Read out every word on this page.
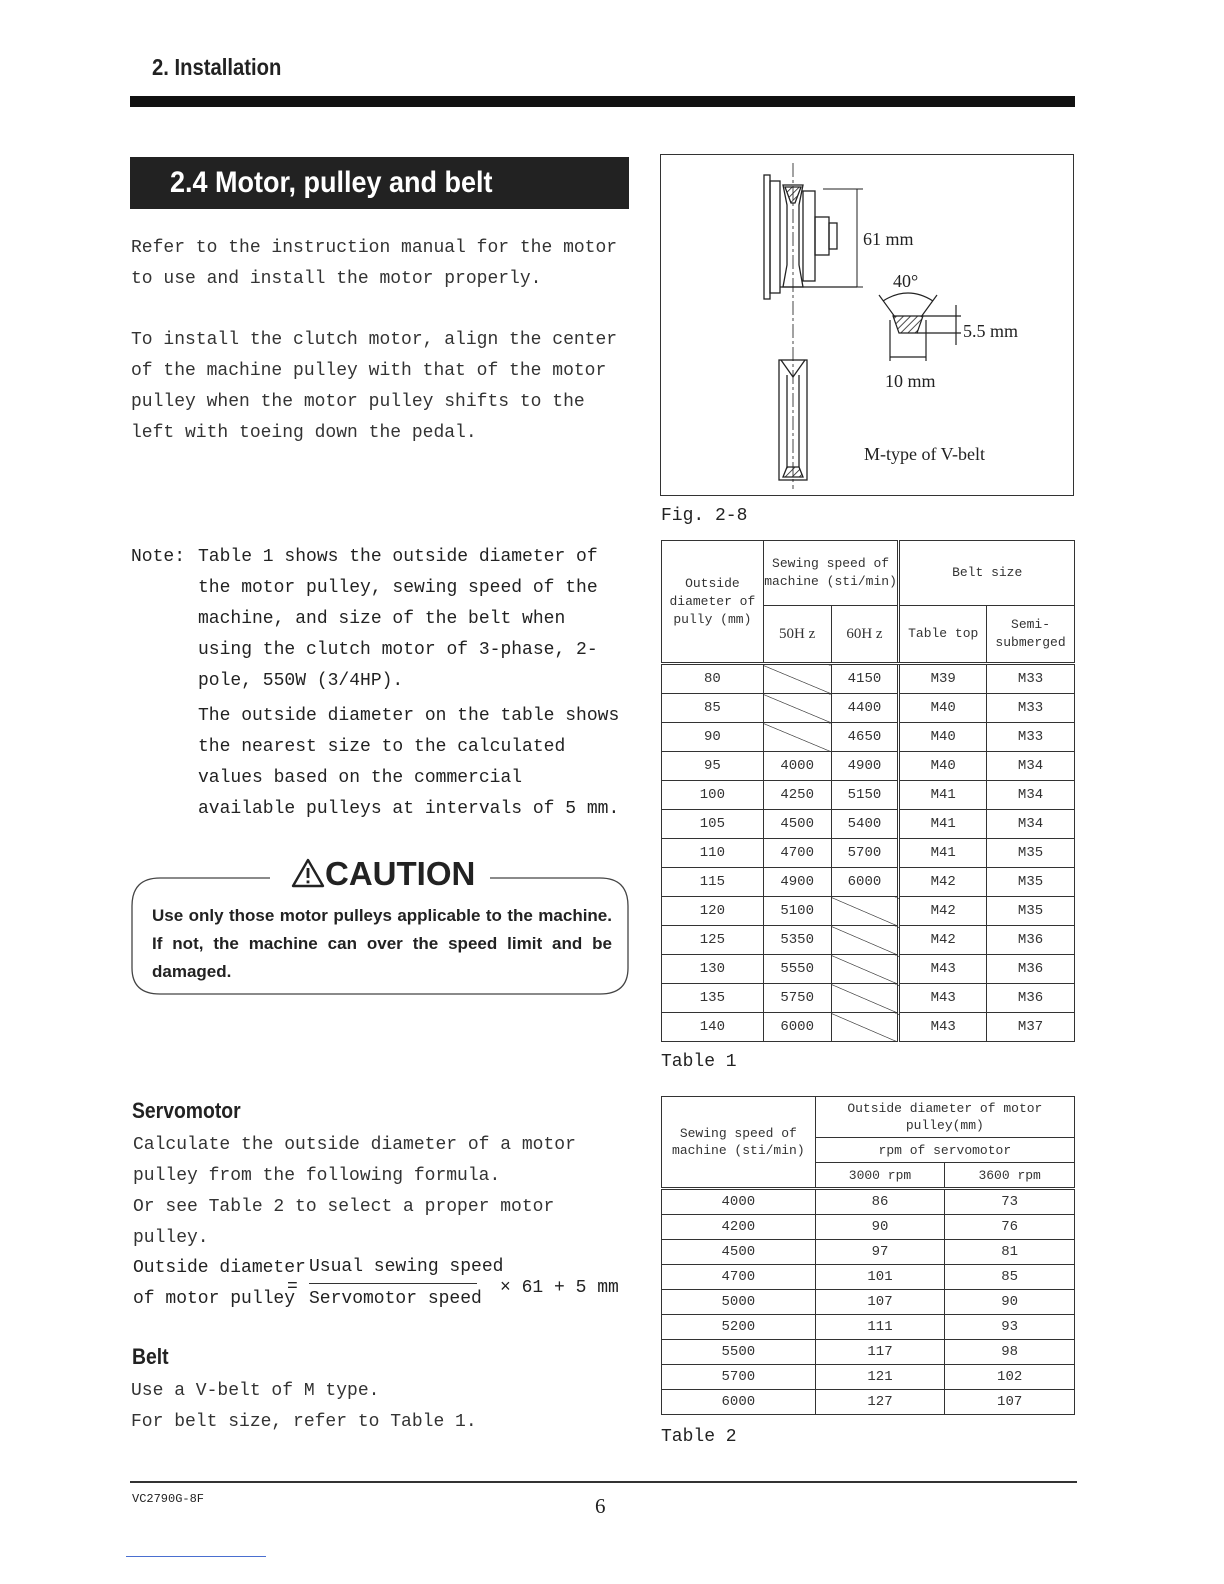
2. Installation
2.4 Motor, pulley and belt
Refer to the instruction manual for the motor to use and install the motor properly.
To install the clutch motor, align the center of the machine pulley with that of the motor pulley when the motor pulley shifts to the left with toeing down the pedal.
Note: Table 1 shows the outside diameter of the motor pulley, sewing speed of the machine, and size of the belt when using the clutch motor of 3-phase, 2-pole, 550W (3/4HP).

The outside diameter on the table shows the nearest size to the calculated values based on the commercial available pulleys at intervals of 5 mm.

CAUTION
Use only those motor pulleys applicable to the machine. If not, the machine can over the speed limit and be damaged.
Servomotor
Calculate the outside diameter of a motor pulley from the following formula.
Or see Table 2 to select a proper motor pulley.
Outside diameter
of motor pulley
=
Usual sewing speed
Servomotor speed
× 61 + 5 mm
Belt
Use a V-belt of M type.
For belt size, refer to Table 1.
61 mm
40°
5.5 mm
10 mm
M-type of V-belt
Fig. 2-8
Outside diameter of pully (mm)	Sewing speed of machine (sti/min)		Belt size	
	50H z	60H z	Table top	Semi- submerged
80		4150	M39	M33
85		4400	M40	M33
90		4650	M40	M33
95	4000	4900	M40	M34
100	4250	5150	M41	M34
105	4500	5400	M41	M34
110	4700	5700	M41	M35
115	4900	6000	M42	M35
120	5100		M42	M35
125	5350		M42	M36
130	5550		M43	M36
135	5750		M43	M36
140	6000		M43	M37
Table 1
Sewing speed of machine (sti/min)	Outside diameter of motor pulley(mm)	
	rpm of servomotor	
	3000 rpm	3600 rpm
4000	86	73
4200	90	76
4500	97	81
4700	101	85
5000	107	90
5200	111	93
5500	117	98
5700	121	102
6000	127	107
Table 2
VC2790G-8F	6
